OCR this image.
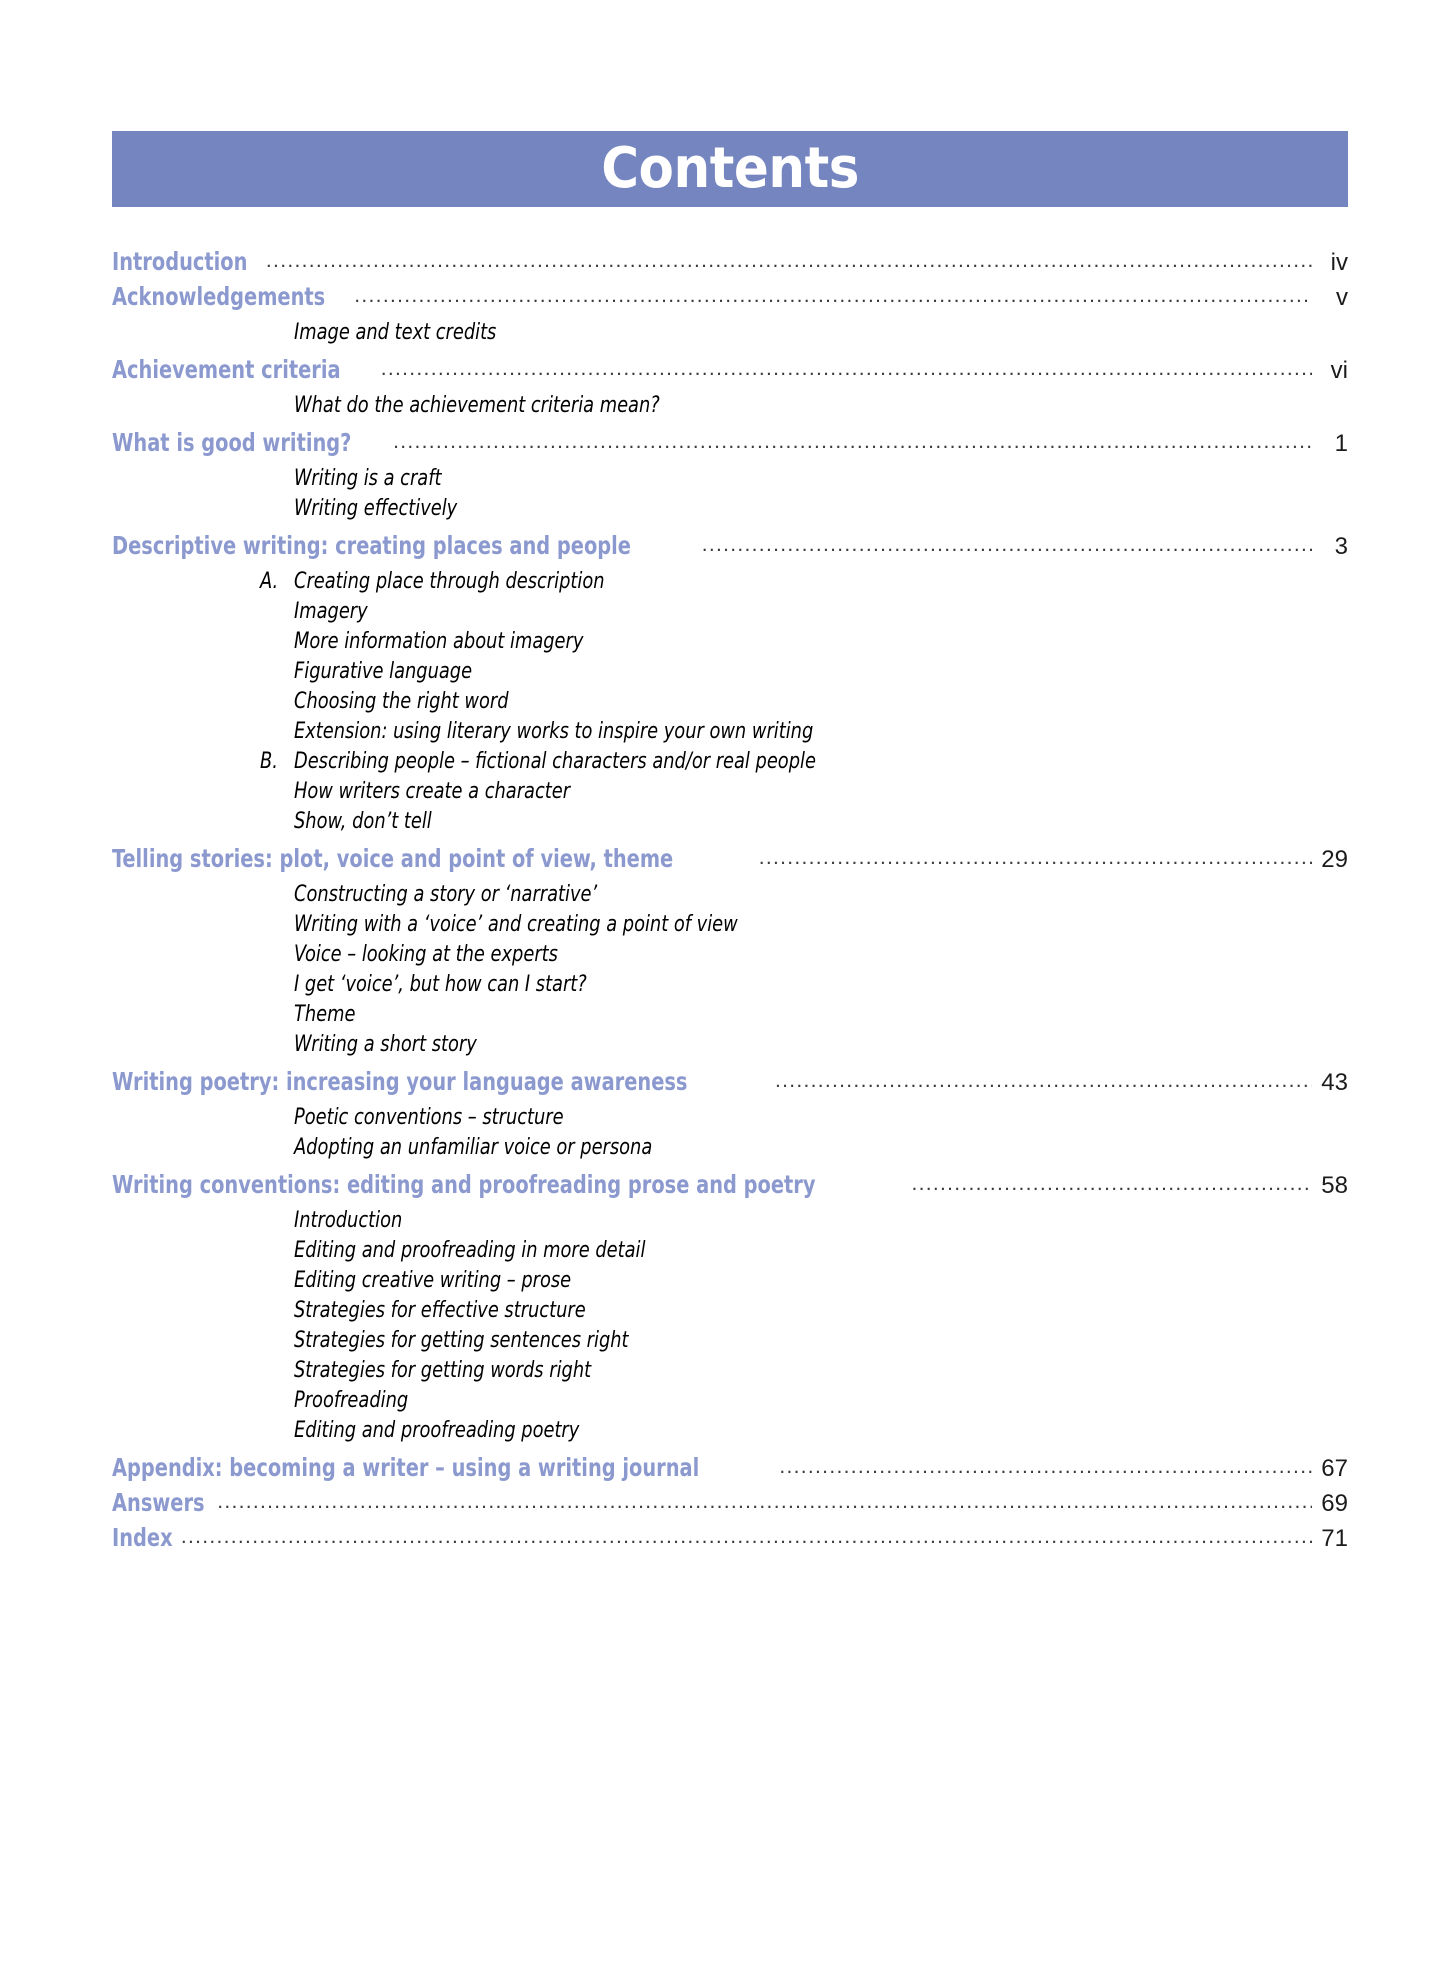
Contents
Introduction .....	iv
Acknowledgements .....	v
Image and text credits
Achievement criteria .....	vi
What do the achievement criteria mean?
What is good writing? .....	1
Writing is a craft
Writing effectively
Descriptive writing: creating places and people .....	3
A. Creating place through description
Imagery
More information about imagery
Figurative language
Choosing the right word
Extension: using literary works to inspire your own writing
B. Describing people – fictional characters and/or real people
How writers create a character
Show, don’t tell
Telling stories: plot, voice and point of view, theme .....	29
Constructing a story or ‘narrative’
Writing with a ‘voice’ and creating a point of view
Voice – looking at the experts
I get ‘voice’, but how can I start?
Theme
Writing a short story
Writing poetry: increasing your language awareness .....	43
Poetic conventions – structure
Adopting an unfamiliar voice or persona
Writing conventions: editing and proofreading prose and poetry .....	58
Introduction
Editing and proofreading in more detail
Editing creative writing – prose
Strategies for effective structure
Strategies for getting sentences right
Strategies for getting words right
Proofreading
Editing and proofreading poetry
Appendix: becoming a writer – using a writing journal .....	67
Answers .....	69
Index .....	71
